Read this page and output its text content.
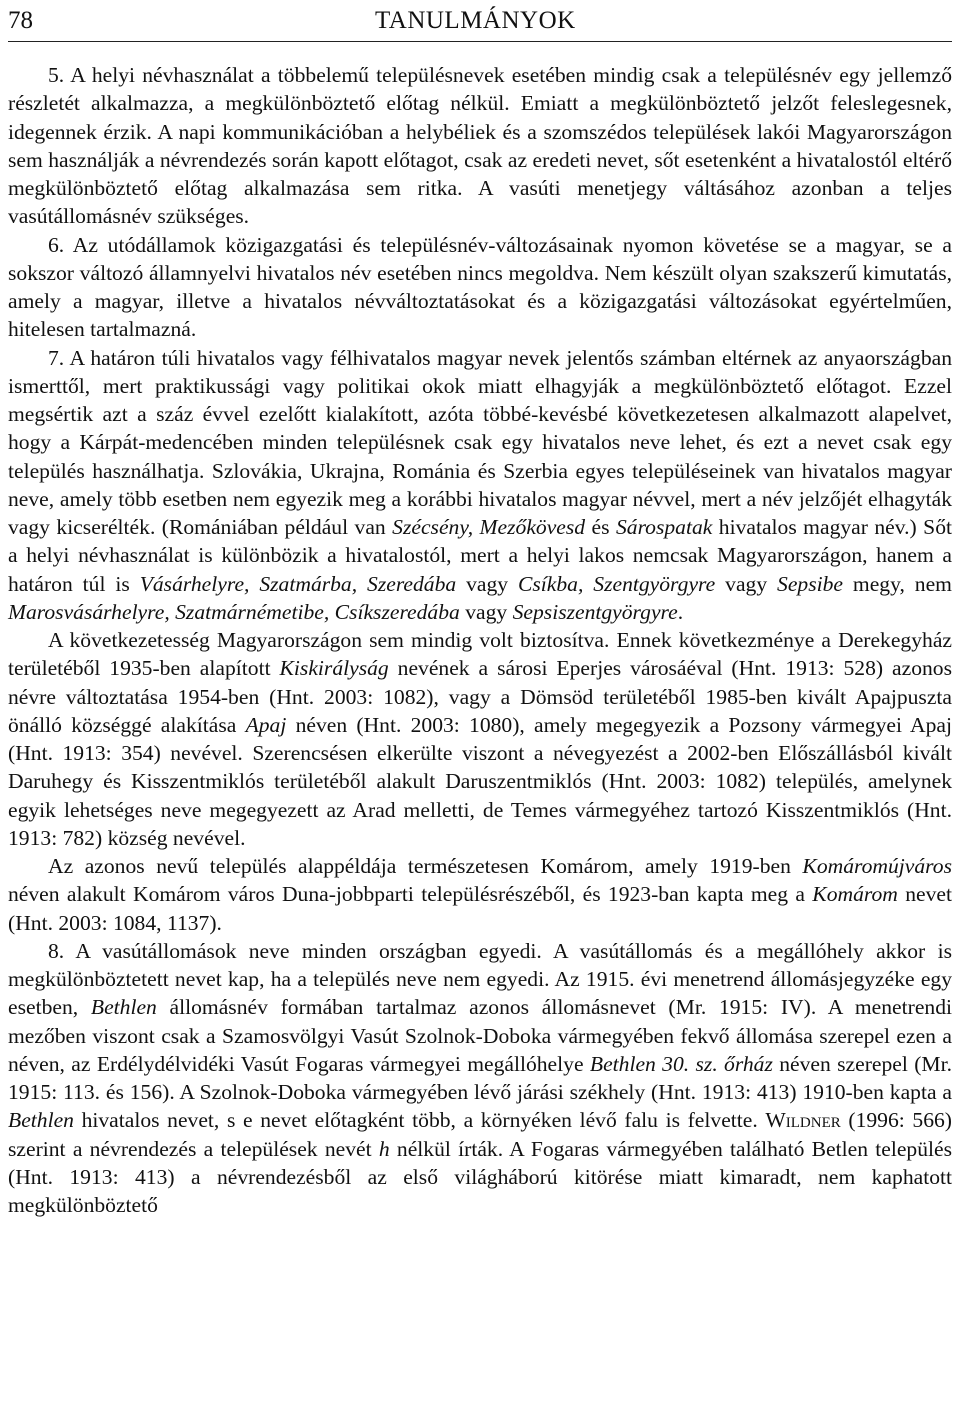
78	TANULMÁNYOK

5. A helyi névhasználat a többelemű településnevek esetében mindig csak a településnév egy jellemző részletét alkalmazza, a megkülönböztető előtag nélkül. Emiatt a megkülönböztető jelzőt feleslegesnek, idegennek érzik. A napi kommunikációban a helybéliek és a szomszédos települések lakói Magyarországon sem használják a névrendezés során kapott előtagot, csak az eredeti nevet, sőt esetenként a hivatalostól eltérő megkülönböztető előtag alkalmazása sem ritka. A vasúti menetjegy váltásához azonban a teljes vasútállomásnév szükséges.

6. Az utódállamok közigazgatási és településnév-változásainak nyomon követése se a magyar, se a sokszor változó államnyelvi hivatalos név esetében nincs megoldva. Nem készült olyan szakszerű kimutatás, amely a magyar, illetve a hivatalos névváltoztatásokat és a közigazgatási változásokat egyértelműen, hitelesen tartalmazná.

7. A határon túli hivatalos vagy félhivatalos magyar nevek jelentős számban eltérnek az anyaországban ismerttől, mert praktikussági vagy politikai okok miatt elhagyják a megkülönböztető előtagot. Ezzel megsértik azt a száz évvel ezelőtt kialakított, azóta többé-kevésbé következetesen alkalmazott alapelvet, hogy a Kárpát-medencében minden településnek csak egy hivatalos neve lehet, és ezt a nevet csak egy település használhatja. Szlovákia, Ukrajna, Románia és Szerbia egyes településeinek van hivatalos magyar neve, amely több esetben nem egyezik meg a korábbi hivatalos magyar névvel, mert a név jelzőjét elhagyták vagy kicserélték. (Romániában például van Szécsény, Mezőkövesd és Sárospatak hivatalos magyar név.) Sőt a helyi névhasználat is különbözik a hivatalostól, mert a helyi lakos nemcsak Magyarországon, hanem a határon túl is Vásárhelyre, Szatmárba, Szeredába vagy Csíkba, Szentgyörgyre vagy Sepsibe megy, nem Marosvásárhelyre, Szatmárnémetibe, Csíkszeredába vagy Sepsiszentgyörgyre.

A következetesség Magyarországon sem mindig volt biztosítva. Ennek következménye a Derekegyház területéből 1935-ben alapított Kiskirályság nevének a sárosi Eperjes városáéval (Hnt. 1913: 528) azonos névre változtatása 1954-ben (Hnt. 2003: 1082), vagy a Dömsöd területéből 1985-ben kivált Apajpuszta önálló községgé alakítása Apaj néven (Hnt. 2003: 1080), amely megegyezik a Pozsony vármegyei Apaj (Hnt. 1913: 354) nevével. Szerencsésen elkerülte viszont a névegyezést a 2002-ben Előszállásból kivált Daruhegy és Kisszentmiklós területéből alakult Daruszentmiklós (Hnt. 2003: 1082) település, amelynek egyik lehetséges neve megegyezett az Arad melletti, de Temes vármegyéhez tartozó Kisszentmiklós (Hnt. 1913: 782) község nevével.

Az azonos nevű település alappéldája természetesen Komárom, amely 1919-ben Komáromújváros néven alakult Komárom város Duna-jobbparti településrészéből, és 1923-ban kapta meg a Komárom nevet (Hnt. 2003: 1084, 1137).

8. A vasútállomások neve minden országban egyedi. A vasútállomás és a megállóhely akkor is megkülönböztetett nevet kap, ha a település neve nem egyedi. Az 1915. évi menetrend állomásjegyzéke egy esetben, Bethlen állomásnév formában tartalmaz azonos állomásnevet (Mr. 1915: IV). A menetrendi mezőben viszont csak a Szamosvölgyi Vasút Szolnok-Doboka vármegyében fekvő állomása szerepel ezen a néven, az Erdélydélvidéki Vasút Fogaras vármegyei megállóhelye Bethlen 30. sz. őrház néven szerepel (Mr. 1915: 113. és 156). A Szolnok-Doboka vármegyében lévő járási székhely (Hnt. 1913: 413) 1910-ben kapta a Bethlen hivatalos nevet, s e nevet előtagként több, a környéken lévő falu is felvette. Wildner (1996: 566) szerint a névrendezés a települések nevét h nélkül írták. A Fogaras vármegyében található Betlen település (Hnt. 1913: 413) a névrendezésből az első világháború kitörése miatt kimaradt, nem kaphatott megkülönböztető
